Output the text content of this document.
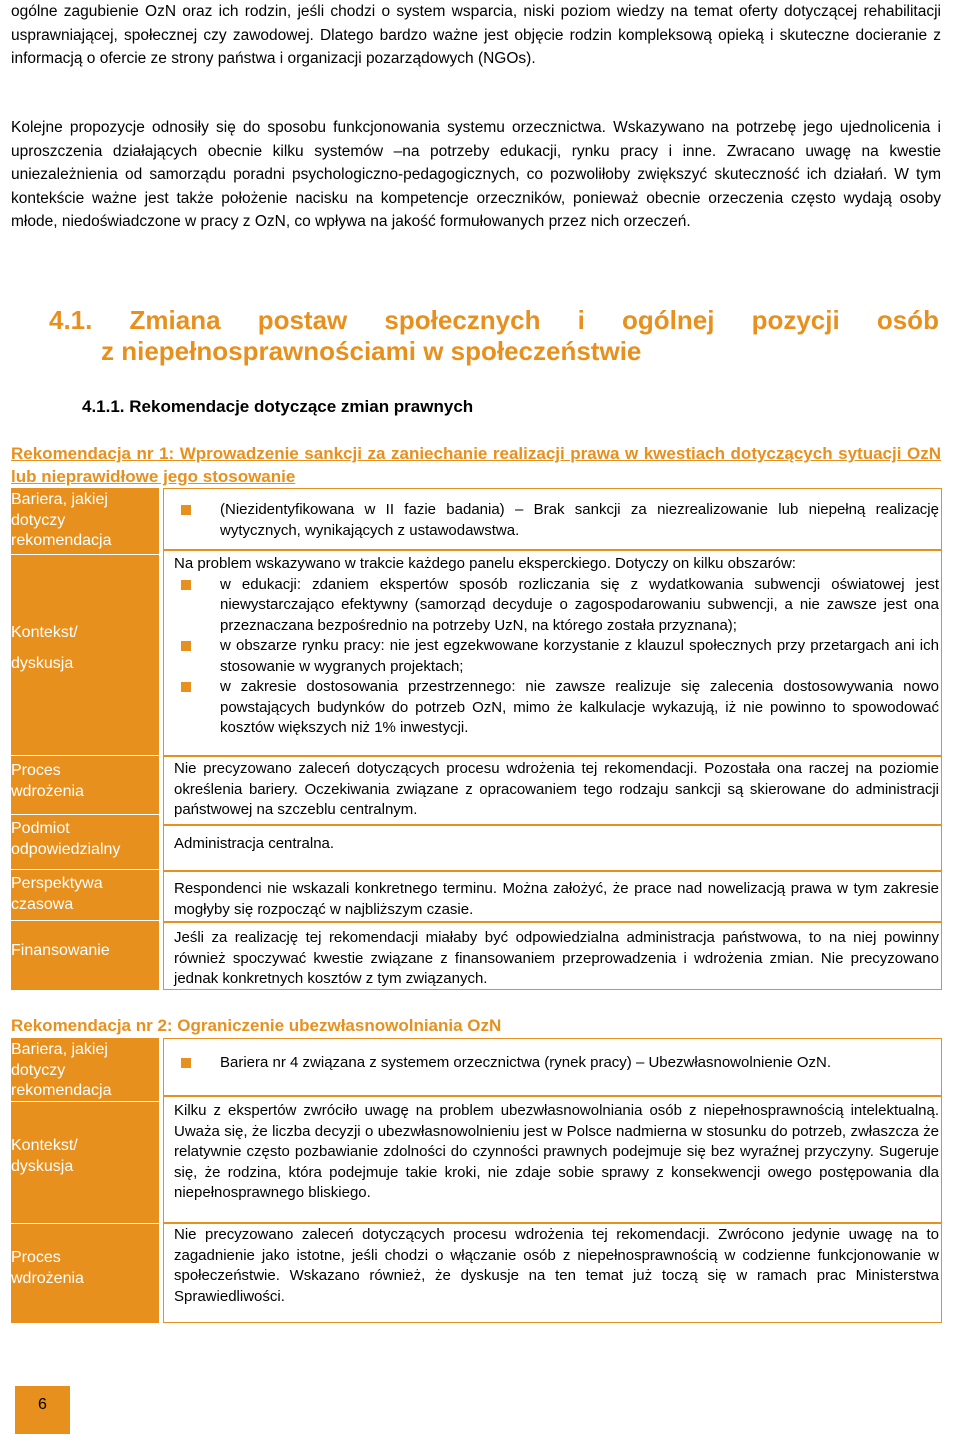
ogólne zagubienie OzN oraz ich rodzin, jeśli chodzi o system wsparcia, niski poziom wiedzy na temat oferty dotyczącej rehabilitacji usprawniającej, społecznej czy zawodowej. Dlatego bardzo ważne jest objęcie rodzin kompleksową opieką i skuteczne docieranie z informacją o ofercie ze strony państwa i organizacji pozarządowych (NGOs).

Kolejne propozycje odnosiły się do sposobu funkcjonowania systemu orzecznictwa. Wskazywano na potrzebę jego ujednolicenia i uproszczenia działających obecnie kilku systemów –na potrzeby edukacji, rynku pracy i inne. Zwracano uwagę na kwestie uniezależnienia od samorządu poradni psychologiczno-pedagogicznych, co pozwoliłoby zwiększyć skuteczność ich działań. W tym kontekście ważne jest także położenie nacisku na kompetencje orzeczników, ponieważ obecnie orzeczenia często wydają osoby młode, niedoświadczone w pracy z OzN, co wpływa na jakość formułowanych przez nich orzeczeń.

4.1. Zmiana postaw społecznych i ogólnej pozycji osób
z niepełnosprawnościami w społeczeństwie
4.1.1. Rekomendacje dotyczące zmian prawnych
Rekomendacja nr 1: Wprowadzenie sankcji za zaniechanie realizacji prawa w kwestiach dotyczących sytuacji OzN lub nieprawidłowe jego stosowanie
Bariera, jakiej dotyczy rekomendacja
Kontekst/
dyskusja
Proces wdrożenia
Podmiot odpowiedzialny
Perspektywa czasowa
Finansowanie
(Niezidentyfikowana w II fazie badania) – Brak sankcji za niezrealizowanie lub niepełną realizację wytycznych, wynikających z ustawodawstwa.
Na problem wskazywano w trakcie każdego panelu eksperckiego. Dotyczy on kilku obszarów:
w edukacji: zdaniem ekspertów sposób rozliczania się z wydatkowania subwencji oświatowej jest niewystarczająco efektywny (samorząd decyduje o zagospodarowaniu subwencji, a nie zawsze jest ona przeznaczana bezpośrednio na potrzeby UzN, na którego została przyznana);
w obszarze rynku pracy: nie jest egzekwowane korzystanie z klauzul społecznych przy przetargach ani ich stosowanie w wygranych projektach;
w zakresie dostosowania przestrzennego: nie zawsze realizuje się zalecenia dostosowywania nowo powstających budynków do potrzeb OzN, mimo że kalkulacje wykazują, iż nie powinno to spowodować kosztów większych niż 1% inwestycji.
Nie precyzowano zaleceń dotyczących procesu wdrożenia tej rekomendacji. Pozostała ona raczej na poziomie określenia bariery. Oczekiwania związane z opracowaniem tego rodzaju sankcji są skierowane do administracji państwowej na szczeblu centralnym.
Administracja centralna.
Respondenci nie wskazali konkretnego terminu. Można założyć, że prace nad nowelizacją prawa w tym zakresie mogłyby się rozpocząć w najbliższym czasie.
Jeśli za realizację tej rekomendacji miałaby być odpowiedzialna administracja państwowa, to na niej powinny również spoczywać kwestie związane z finansowaniem przeprowadzenia i wdrożenia zmian. Nie precyzowano jednak konkretnych kosztów z tym związanych.
Rekomendacja nr 2: Ograniczenie ubezwłasnowolniania OzN
Bariera, jakiej dotyczy rekomendacja
Kontekst/ dyskusja
Proces wdrożenia
Bariera nr 4 związana z systemem orzecznictwa (rynek pracy) – Ubezwłasnowolnienie OzN.
Kilku z ekspertów zwróciło uwagę na problem ubezwłasnowolniania osób z niepełnosprawnością intelektualną. Uważa się, że liczba decyzji o ubezwłasnowolnieniu jest w Polsce nadmierna w stosunku do potrzeb, zwłaszcza że relatywnie często pozbawianie zdolności do czynności prawnych podejmuje się bez wyraźnej przyczyny. Sugeruje się, że rodzina, która podejmuje takie kroki, nie zdaje sobie sprawy z konsekwencji owego postępowania dla niepełnosprawnego bliskiego.
Nie precyzowano zaleceń dotyczących procesu wdrożenia tej rekomendacji. Zwrócono jedynie uwagę na to zagadnienie jako istotne, jeśli chodzi o włączanie osób z niepełnosprawnością w codzienne funkcjonowanie w społeczeństwie. Wskazano również, że dyskusje na ten temat już toczą się w ramach prac Ministerstwa Sprawiedliwości.
6
